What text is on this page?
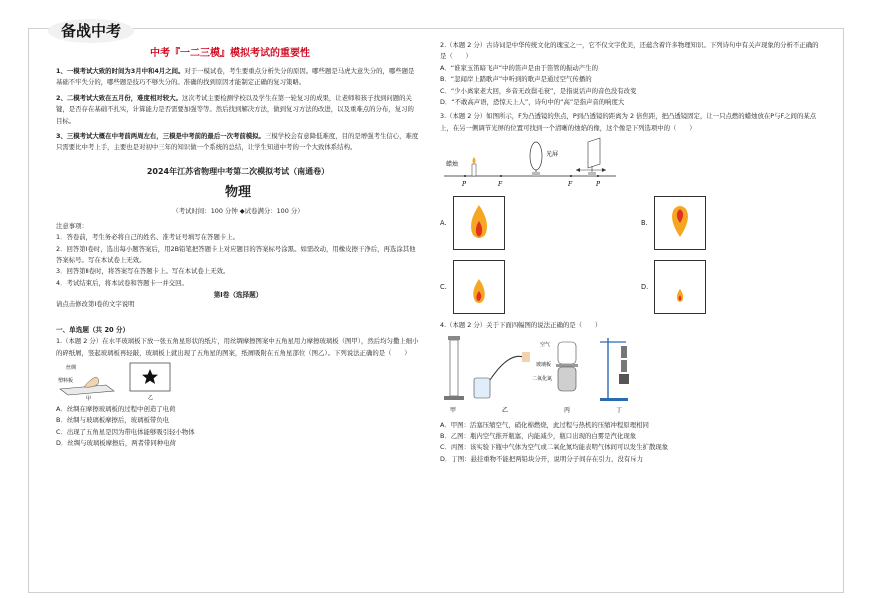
备战中考
中考『一二三模』模拟考试的重要性

1、一模考试大致的时间为3月中和4月之间。对于一模试卷，考生要重点分析失分的原因。哪些题是马虎大意失分的，哪些题是基础不牢失分的，哪些题是技巧不够失分的。准确的找到原因才能制定正确的复习策略。

2、二模考试大致在五月份，难度相对较大。这次考试主要检测学校以及学生在第一轮复习的成果，让老师和孩子找到问题的关键，是否存在基础不扎实，计算能力是否需要加强等等。然后找到解决方法，做到复习方法的改进，以及重难点的分布，复习的目标。

3、三模考试大概在中考前两周左右，三模是中考前的最后一次考前模拟。三模学校会有意降低难度，目的是增强考生信心，难度只需要比中考上手，主要也是对初中三年的知识做一个系统的总结，让学生知道中考的一个大致体系结构。

2024年江苏省物理中考第二次模拟考试（南通卷）
物理
（考试时间：100 分钟 ◆试卷满分：100 分）

注意事项：

1．答卷前，考生务必将自己的姓名、准考证号填写在答题卡上。

2．回答第Ⅰ卷时，选出每小题答案后，用2B铅笔把答题卡上对应题目的答案标号涂黑。如需改动，用橡皮擦干净后，再选涂其他答案标号。写在本试卷上无效。

3．回答第Ⅱ卷时，将答案写在答题卡上。写在本试卷上无效。

4．考试结束后，将本试卷和答题卡一并交回。

第Ⅰ卷（选择题）

请点击修改第Ⅰ卷的文字说明

一、单选题（共 20 分）

1.（本题 2 分）在水平玻璃板下放一张五角星形状的纸片，用丝绸摩擦图案中五角星用力摩擦玻璃板（图甲），然后均匀撒上细小的碎纸屑，竖起玻璃板再轻敲，玻璃板上就出现了五角星的图案，纸屑吸附在五角星部位（图乙）。下列说法正确的是（　　）

丝绸
塑料板
甲	乙

A．丝绸在摩擦玻璃板的过程中创造了电荷

B．丝绸与玻璃板摩擦后，玻璃板带负电

C．出现了五角星是因为带电体能够吸引轻小物体

D．丝绸与玻璃板摩擦后，两者带同种电荷

2.（本题 2 分）古诗词是中华传统文化的瑰宝之一，它不仅文字优美，还蕴含着许多物理知识。下列诗句中有关声现象的分析不正确的是（　　）

A．“谁家玉笛暗飞声”中的笛声是由于笛管的振动产生的

B．“忽闻岸上踏歌声”中听到的歌声是通过空气传播的

C．“少小离家老大回，乡音无改鬓毛衰”，是指说话声的音色没有改变

D．“不敢高声语，恐惊天上人”，诗句中的“高”是指声音的响度大

3.（本题 2 分）如图所示，F为凸透镜的焦点，P到凸透镜的距离为 2 倍焦距，把凸透镜固定，让一只点燃的蜡烛放在P与F之间的某点上，在另一侧调节光屏的位置可找到一个清晰的烛焰的像，这个像是下列选项中的（　　）

蜡烛
光屏
P	F	F	P
A.	B.
C.	D.

4.（本题 2 分）关于下面四幅图的说法正确的是（　　）

甲	乙
空气
玻璃板
二氧化氮
丙	丁

A．甲图：活塞压缩空气，硝化棉燃烧，此过程与热机的压缩冲程原理相同

B．乙图：瓶内空气推开瓶塞，内能减少，瓶口出现的白雾是汽化现象

C．丙图：该实验下瓶中气体为空气或二氧化氮均能表明气体间可以发生扩散现象

D．丁图：悬挂重物不能把两铅块分开，说明分子间存在引力，没有斥力
